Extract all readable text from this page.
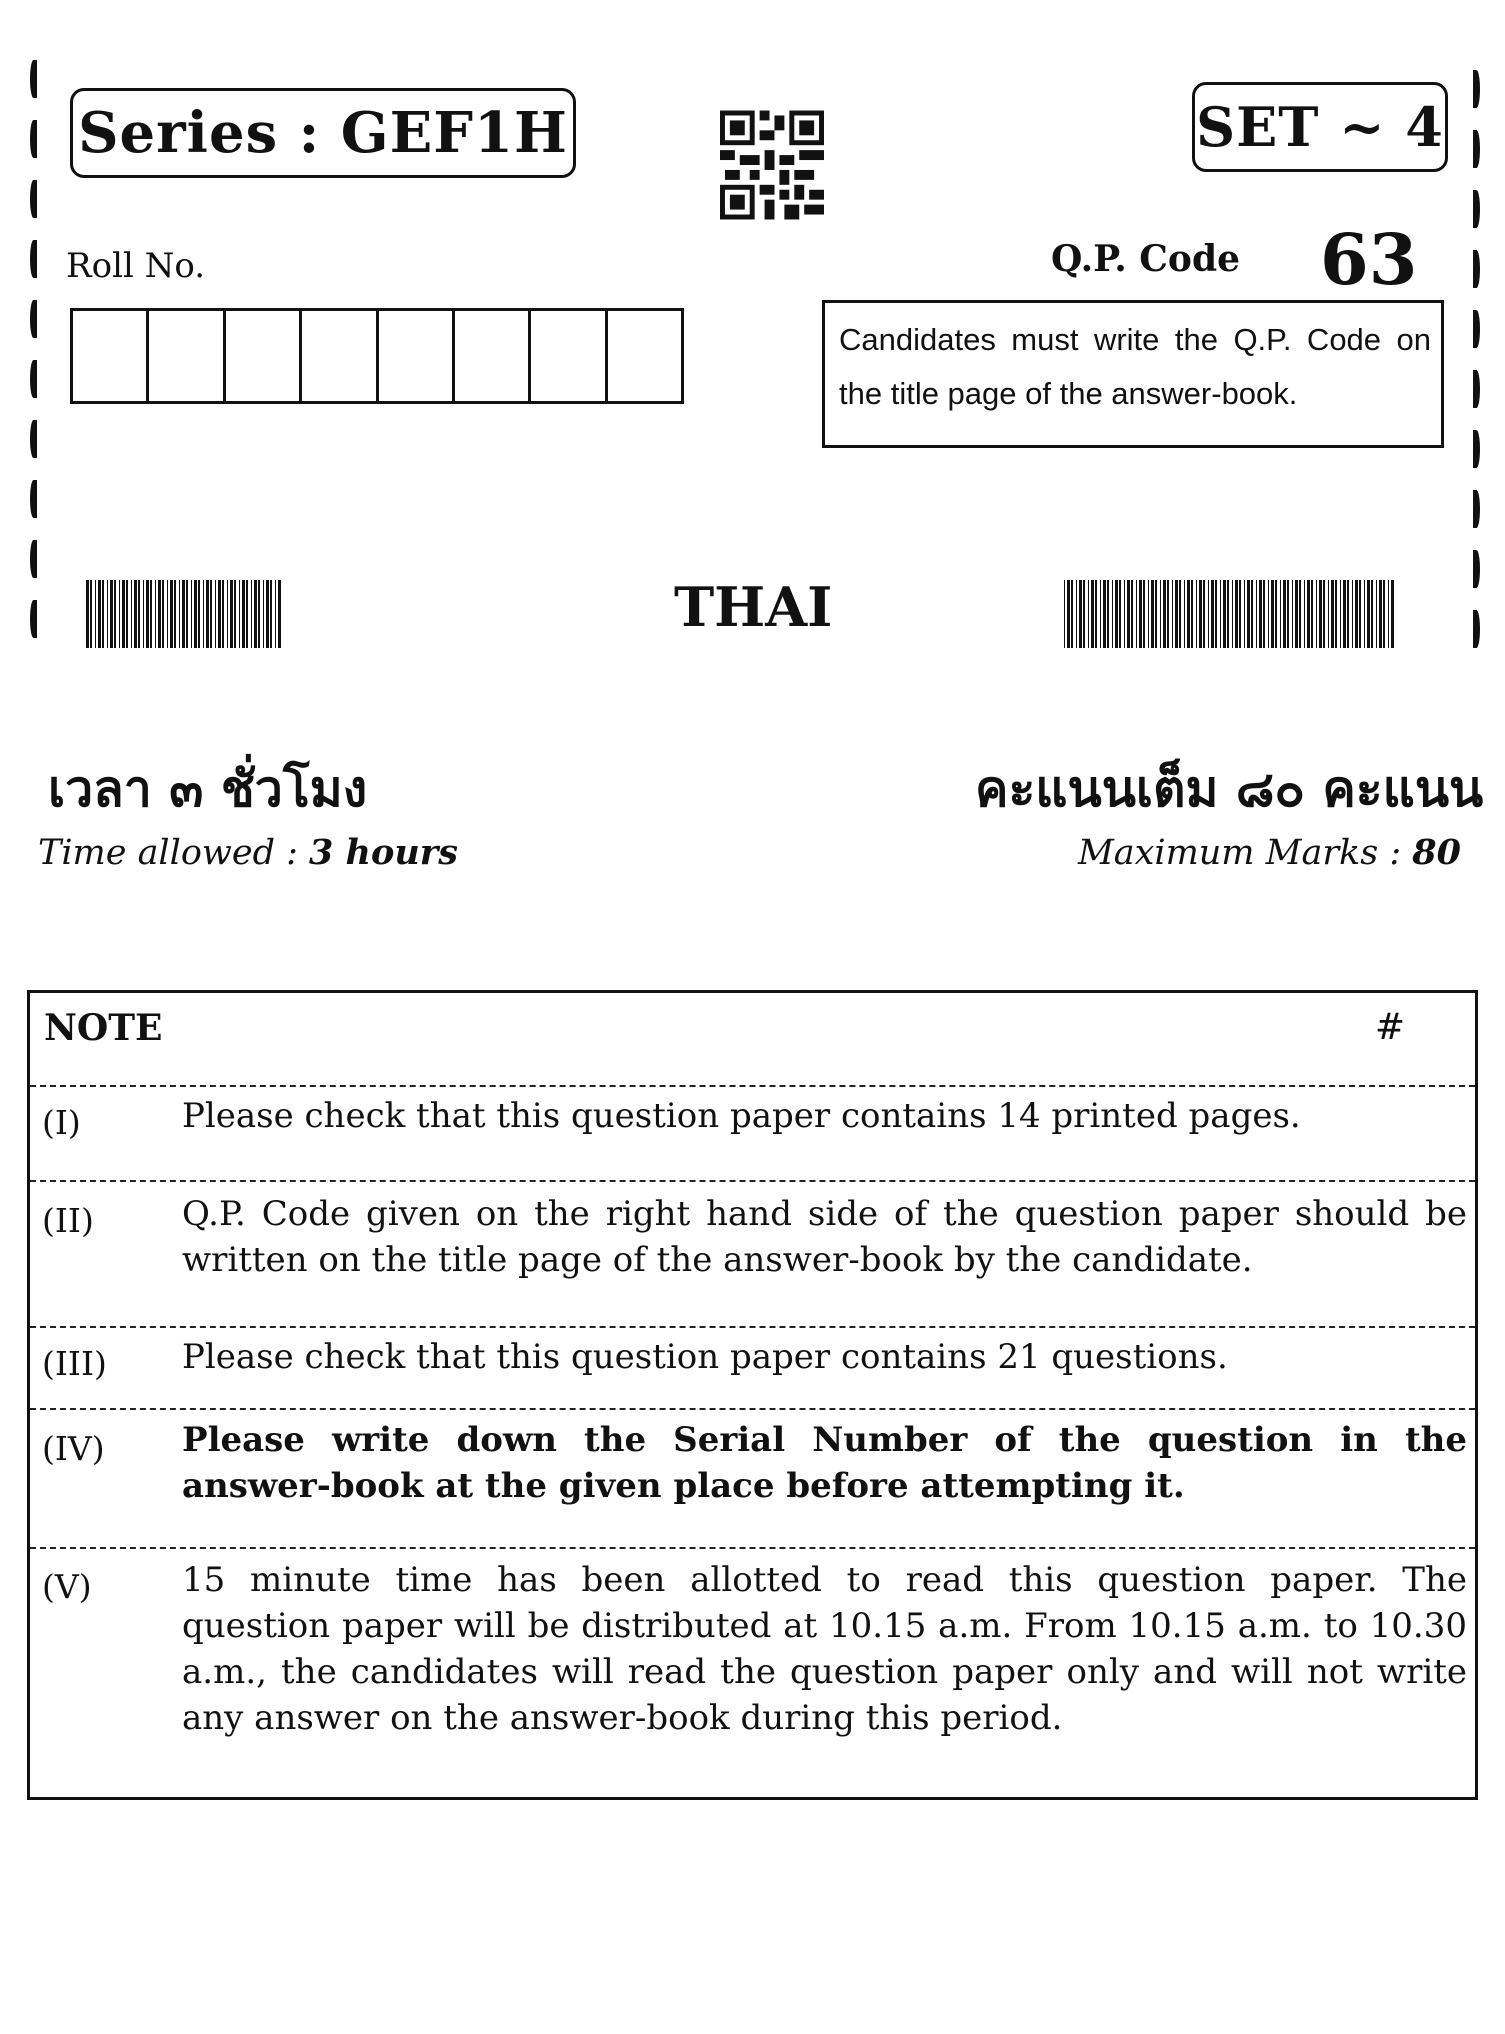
Series : GEF1H	SET ~ 4
Roll No.	Q.P. Code 63
Candidates must write the Q.P. Code on the title page of the answer-book.
THAI
เวลา ๓ ชั่วโมง	คะแนนเต็ม ๘๐ คะแนน
Time allowed : 3 hours	Maximum Marks : 80
NOTE	#
(I)	Please check that this question paper contains 14 printed pages.
(II)	Q.P. Code given on the right hand side of the question paper should be written on the title page of the answer-book by the candidate.
(III) Please check that this question paper contains 21 questions.
(IV) Please write down the Serial Number of the question in the answer-book at the given place before attempting it.
(V)	15 minute time has been allotted to read this question paper. The question paper will be distributed at 10.15 a.m. From 10.15 a.m. to 10.30 a.m., the candidates will read the question paper only and will not write any answer on the answer-book during this period.
